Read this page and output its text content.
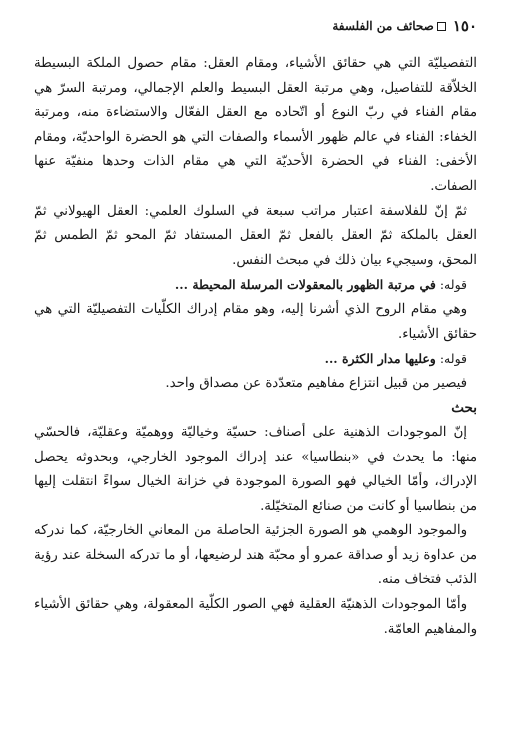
١٥٠
صحائف من الفلسفة

التفصيليّة التي هي حقائق الأشياء، ومقام العقل: مقام حصول الملكة البسيطة الخلاّقة للتفاصيل، وهي مرتبة العقل البسيط والعلم الإجمالي، ومرتبة السرّ هي مقام الفناء في ربّ النوع أو اتّحاده مع العقل الفعّال والاستضاءة منه، ومرتبة الخفاء: الفناء في عالم ظهور الأسماء والصفات التي هو الحضرة الواحديّة، ومقام الأخفى: الفناء في الحضرة الأحديّة التي هي مقام الذات وحدها منفيّة عنها الصفات.

ثمّ إنّ للفلاسفة اعتبار مراتب سبعة في السلوك العلمي: العقل الهيولاني ثمّ العقل بالملكة ثمّ العقل بالفعل ثمّ العقل المستفاد ثمّ المحو ثمّ الطمس ثمّ المحق، وسيجيء بيان ذلك في مبحث النفس.

قوله: في مرتبة الظهور بالمعقولات المرسلة المحيطة ...

وهي مقام الروح الذي أشرنا إليه، وهو مقام إدراك الكلّيات التفصيليّة التي هي حقائق الأشياء.

قوله: وعليها مدار الكثرة ...

فيصير من قبيل انتزاع مفاهيم متعدّدة عن مصداق واحد.

بحث

إنّ الموجودات الذهنية على أصناف: حسيّة وخياليّة ووهميّة وعقليّة، فالحسّي منها: ما يحدث في «بنطاسيا» عند إدراك الموجود الخارجي، وبحدوثه يحصل الإدراك، وأمّا الخيالي فهو الصورة الموجودة في خزانة الخيال سواءً انتقلت إليها من بنطاسيا أو كانت من صنائع المتخيّلة.

والموجود الوهمي هو الصورة الجزئية الحاصلة من المعاني الخارجيّة، كما ندركه من عداوة زيد أو صداقة عمرو أو محبّة هند لرضيعها، أو ما تدركه السخلة عند رؤية الذئب فتخاف منه.

وأمّا الموجودات الذهنيّة العقلية فهي الصور الكلّية المعقولة، وهي حقائق الأشياء والمفاهيم العامّة.
